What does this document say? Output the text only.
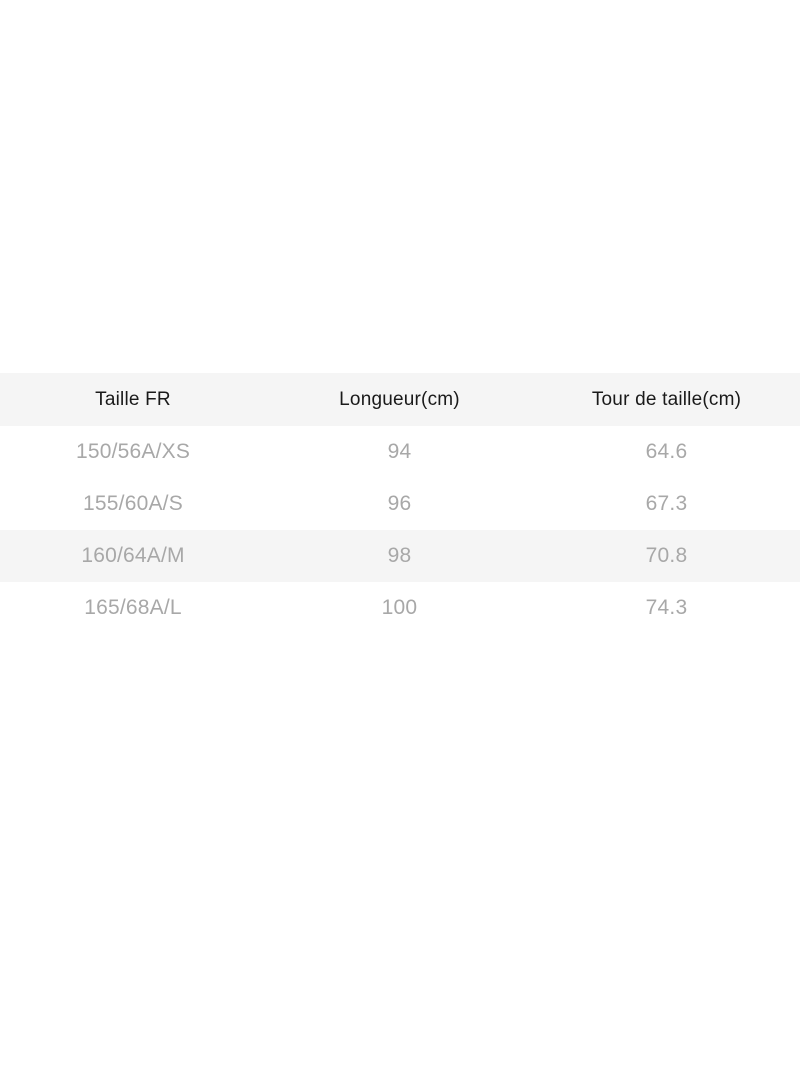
Taille FR	Longueur(cm)	Tour de taille(cm)
150/56A/XS	94	64.6
155/60A/S	96	67.3
160/64A/M	98	70.8
165/68A/L	100	74.3
